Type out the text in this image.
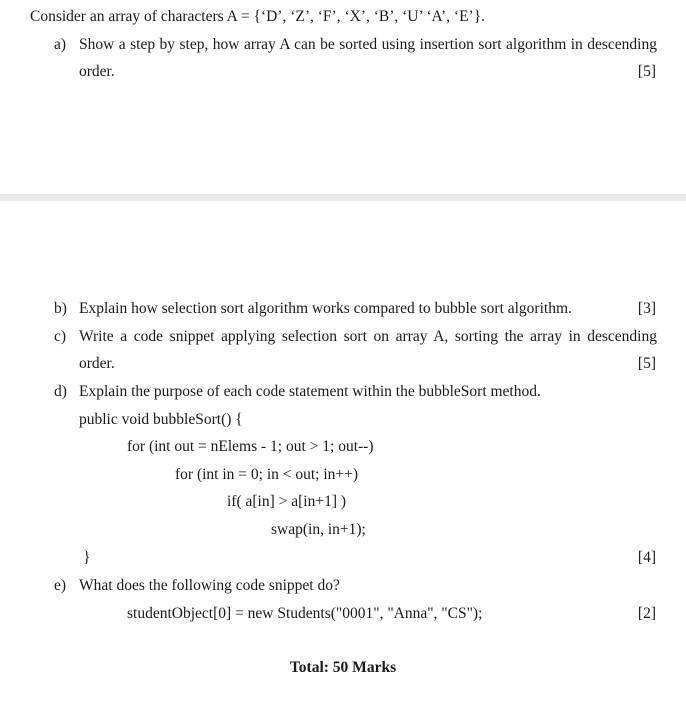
Consider an array of characters A = {‘D’, ‘Z’, ‘F’, ‘X’, ‘B’, ‘U’ ‘A’, ‘E’}.
a) Show a step by step, how array A can be sorted using insertion sort algorithm in descending
order.	[5]
b) Explain how selection sort algorithm works compared to bubble sort algorithm.	[3]
c) Write a code snippet applying selection sort on array A, sorting the array in descending
order.	[5]
d) Explain the purpose of each code statement within the bubbleSort method.
public void bubbleSort() {
for (int out = nElems - 1; out > 1; out--)
for (int in = 0; in < out; in++)
if( a[in] > a[in+1] )
swap(in, in+1);
}	[4]
e) What does the following code snippet do?
studentObject[0] = new Students("0001", "Anna", "CS");	[2]
Total: 50 Marks
